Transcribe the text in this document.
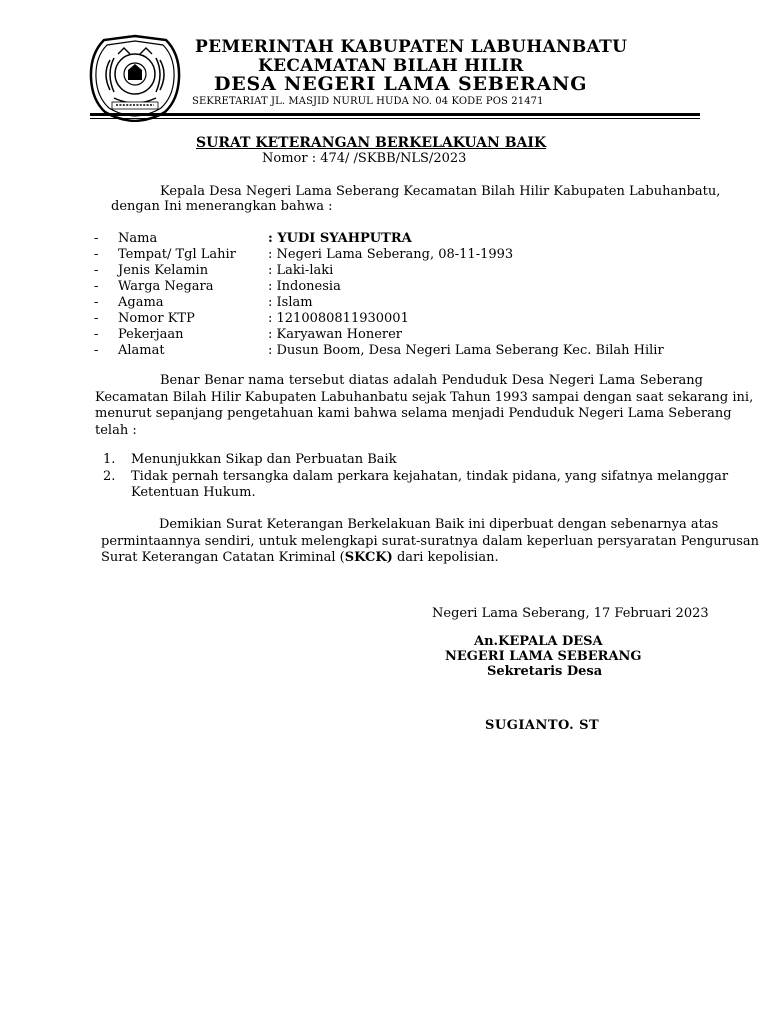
PEMERINTAH KABUPATEN LABUHANBATU
KECAMATAN BILAH HILIR
DESA NEGERI LAMA SEBERANG
SEKRETARIAT JL. MASJID NURUL HUDA NO. 04 KODE POS 21471
SURAT KETERANGAN BERKELAKUAN BAIK
Nomor : 474/ /SKBB/NLS/2023
Kepala Desa Negeri Lama Seberang Kecamatan Bilah Hilir Kabupaten Labuhanbatu,
dengan Ini menerangkan bahwa :
- Nama	: YUDI SYAHPUTRA
- Tempat/ Tgl Lahir : Negeri Lama Seberang, 08-11-1993
- Jenis Kelamin	: Laki-laki
- Warga Negara	: Indonesia
- Agama	: Islam
- Nomor KTP	: 1210080811930001
- Pekerjaan	: Karyawan Honerer
- Alamat	: Dusun Boom, Desa Negeri Lama Seberang Kec. Bilah Hilir
Benar Benar nama tersebut diatas adalah Penduduk Desa Negeri Lama Seberang
Kecamatan Bilah Hilir Kabupaten Labuhanbatu sejak Tahun 1993 sampai dengan saat sekarang ini,
menurut sepanjang pengetahuan kami bahwa selama menjadi Penduduk Negeri Lama Seberang
telah :
1. Menunjukkan Sikap dan Perbuatan Baik
2. Tidak pernah tersangka dalam perkara kejahatan, tindak pidana, yang sifatnya melanggar
Ketentuan Hukum.
Demikian Surat Keterangan Berkelakuan Baik ini diperbuat dengan sebenarnya atas
permintaannya sendiri, untuk melengkapi surat-suratnya dalam keperluan persyaratan Pengurusan
Surat Keterangan Catatan Kriminal (SKCK) dari kepolisian.
Negeri Lama Seberang, 17 Februari 2023
An.KEPALA DESA
NEGERI LAMA SEBERANG
Sekretaris Desa
SUGIANTO. ST
